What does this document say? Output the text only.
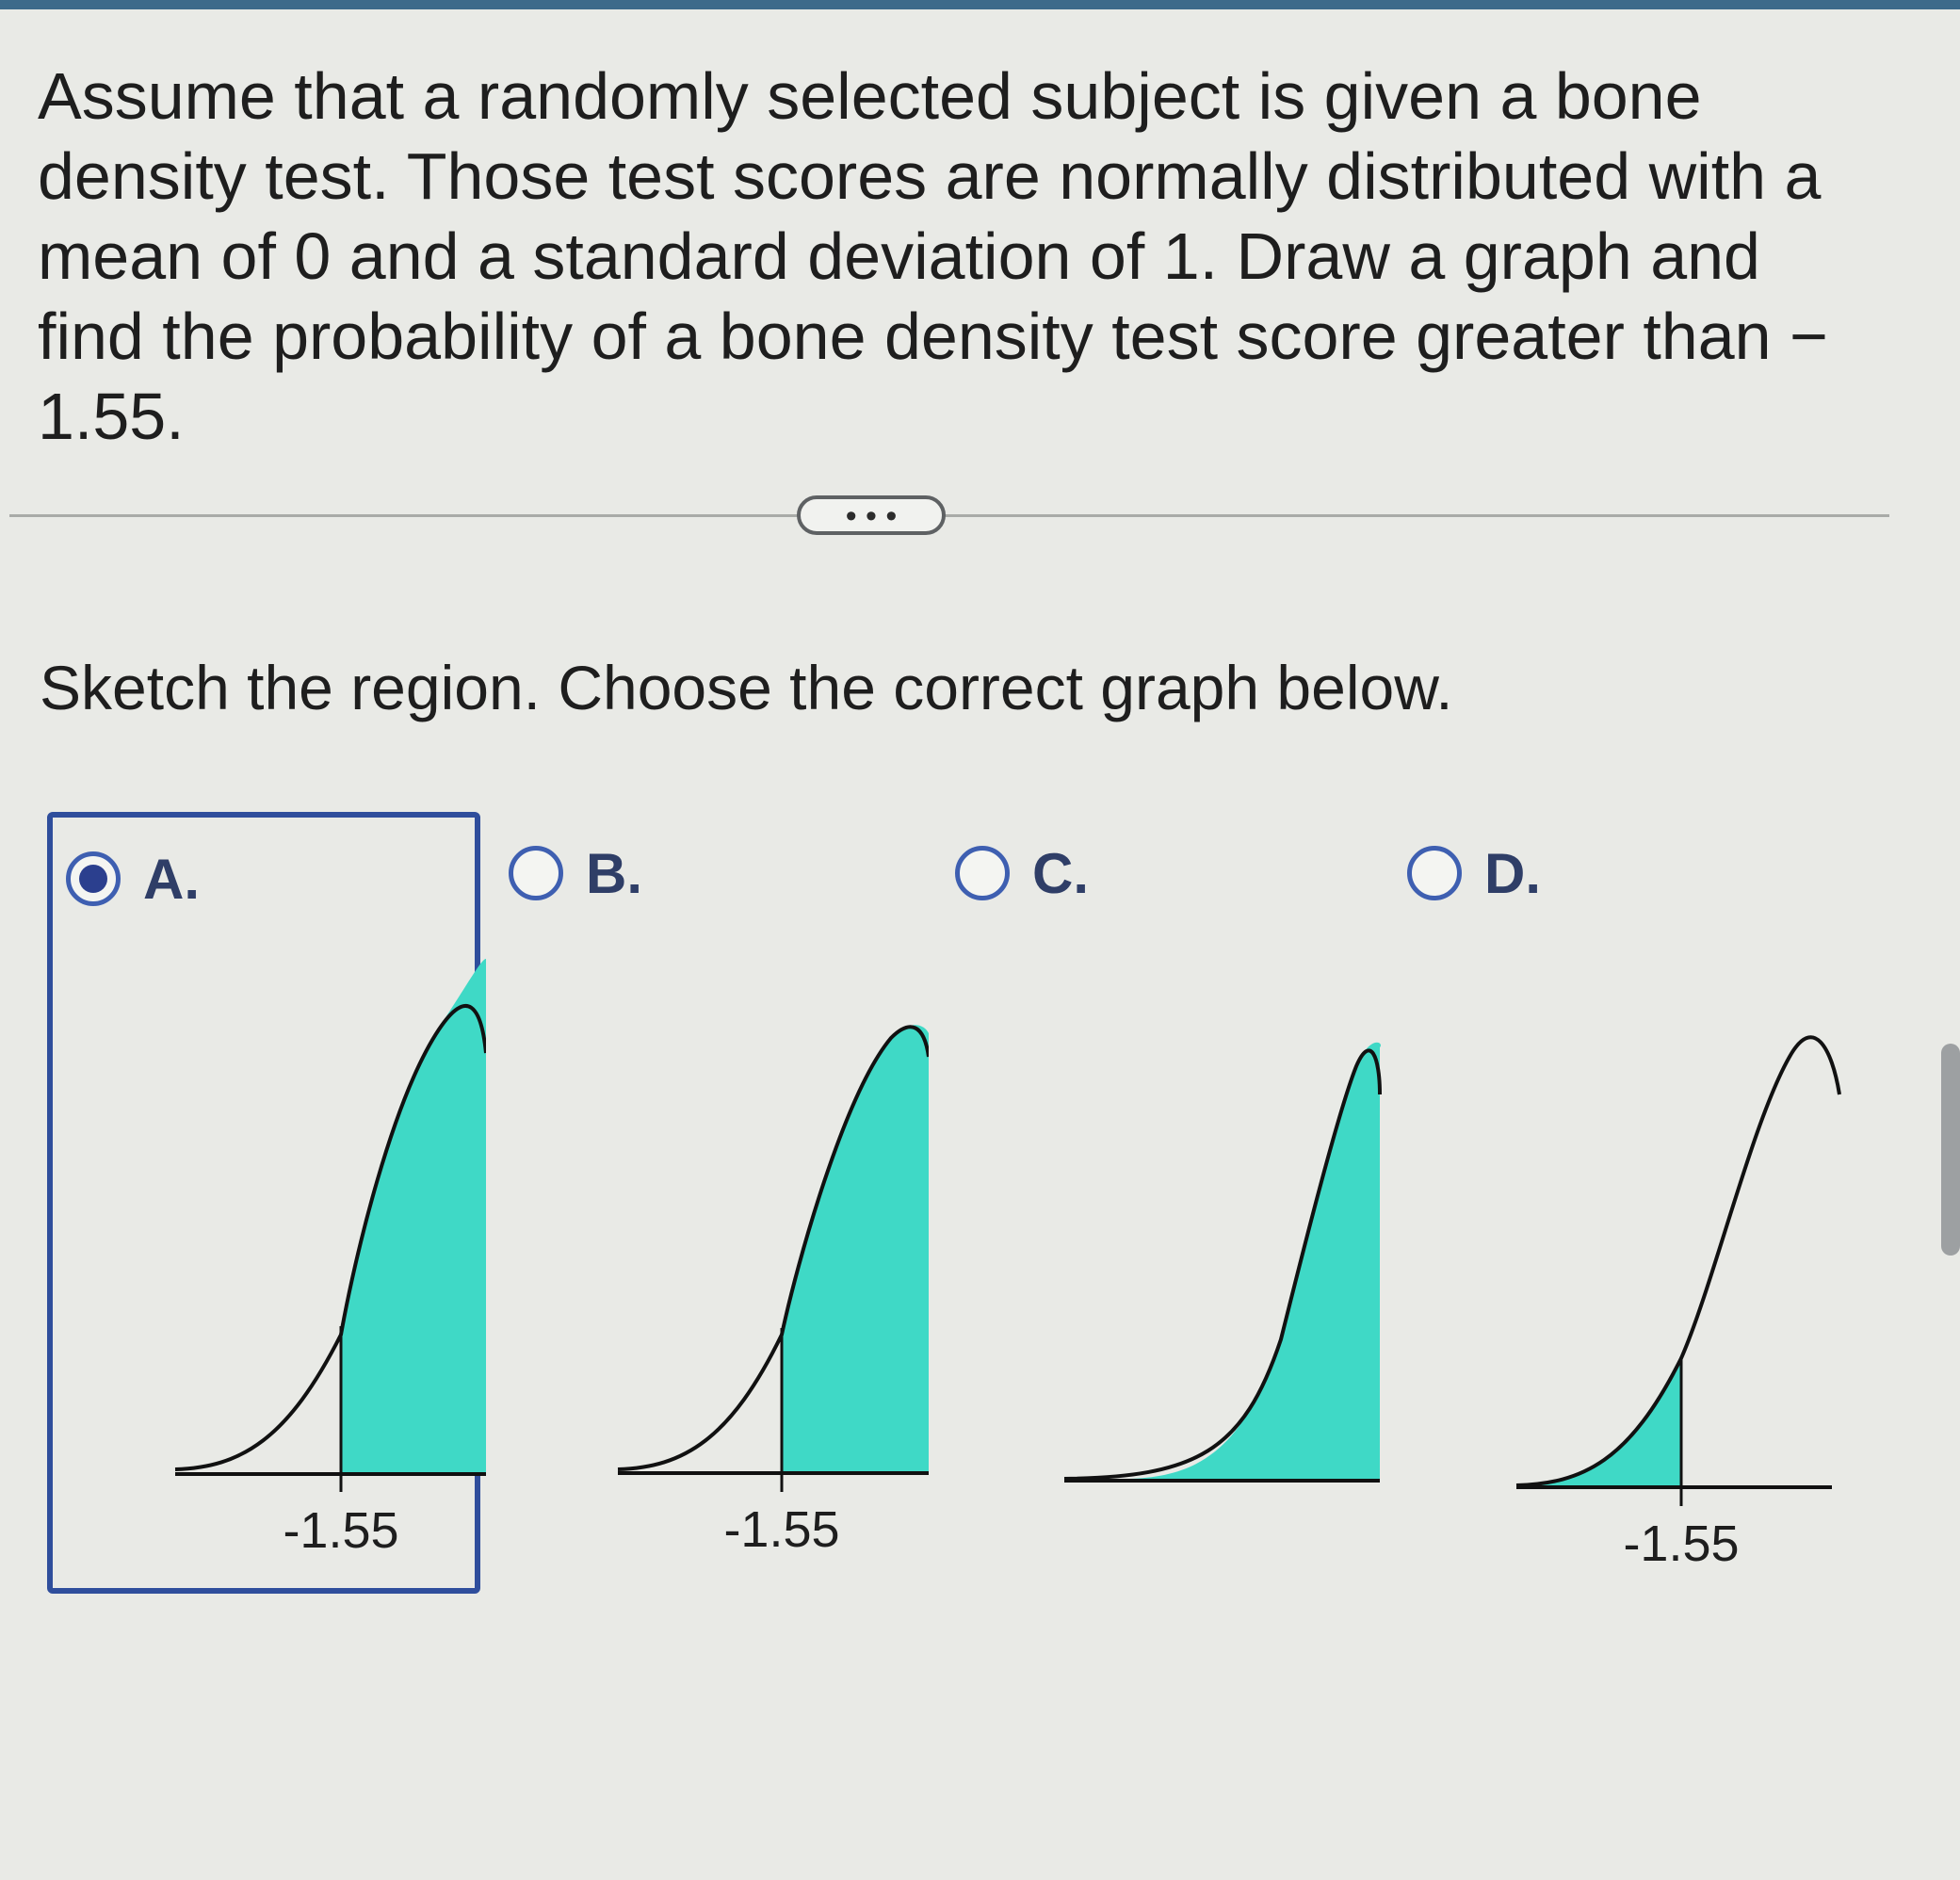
Assume that a randomly selected subject is given a bone density test. Those test scores are normally distributed with a mean of 0 and a standard deviation of 1. Draw a graph and find the probability of a bone density test score greater than − 1.55.

• • •

Sketch the region. Choose the correct graph below.

A.
-1.55
B.
-1.55
C.	D.
-1.55
